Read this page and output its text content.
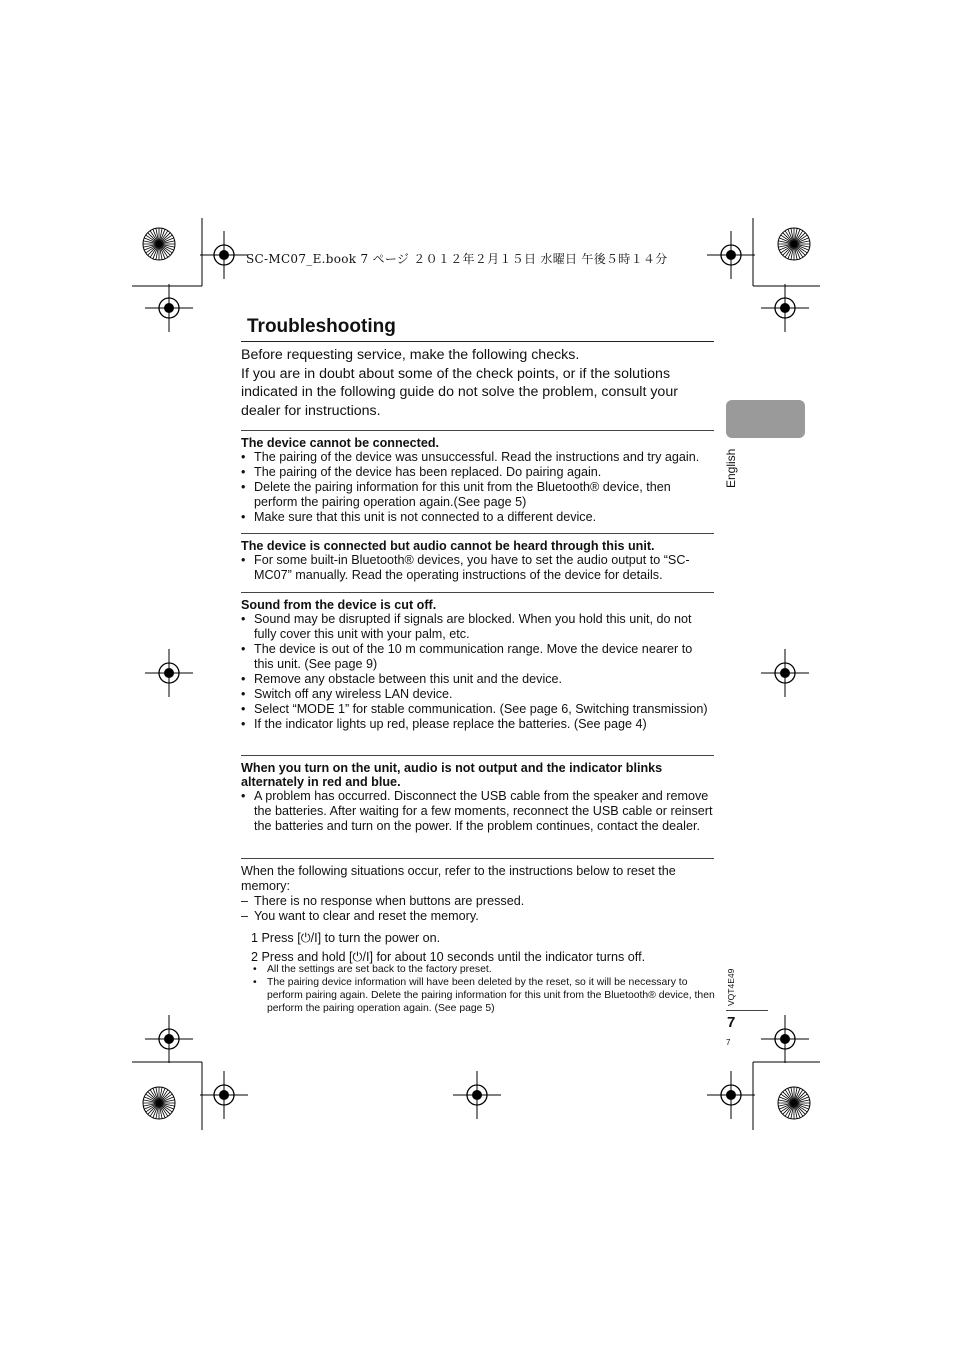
SC-MC07_E.book 7 ページ ２０１２年２月１５日 水曜日 午後５時１４分
Troubleshooting

Before requesting service, make the following checks.

If you are in doubt about some of the check points, or if the solutions indicated in the following guide do not solve the problem, consult your dealer for instructions.

The device cannot be connected.
• The pairing of the device was unsuccessful. Read the instructions and try again.
• The pairing of the device has been replaced. Do pairing again.
• Delete the pairing information for this unit from the Bluetooth® device, then perform the pairing operation again.(See page 5)
• Make sure that this unit is not connected to a different device.
The device is connected but audio cannot be heard through this unit.
• For some built-in Bluetooth® devices, you have to set the audio output to “SC-MC07” manually. Read the operating instructions of the device for details.
Sound from the device is cut off.
• Sound may be disrupted if signals are blocked. When you hold this unit, do not fully cover this unit with your palm, etc.
• The device is out of the 10 m communication range. Move the device nearer to this unit. (See page 9)
• Remove any obstacle between this unit and the device.
• Switch off any wireless LAN device.
• Select “MODE 1” for stable communication. (See page 6, Switching transmission)
• If the indicator lights up red, please replace the batteries. (See page 4)
When you turn on the unit, audio is not output and the indicator blinks alternately in red and blue.
• A problem has occurred. Disconnect the USB cable from the speaker and remove the batteries. After waiting for a few moments, reconnect the USB cable or reinsert the batteries and turn on the power. If the problem continues, contact the dealer.
When the following situations occur, refer to the instructions below to reset the memory:
– There is no response when buttons are pressed.
– You want to clear and reset the memory.
1 Press [⏻/I] to turn the power on.
2 Press and hold [⏻/I] for about 10 seconds until the indicator turns off.
• All the settings are set back to the factory preset.
• The pairing device information will have been deleted by the reset, so it will be necessary to perform pairing again. Delete the pairing information for this unit from the Bluetooth® device, then perform the pairing operation again. (See page 5)
English
VQT4E49
7
7
